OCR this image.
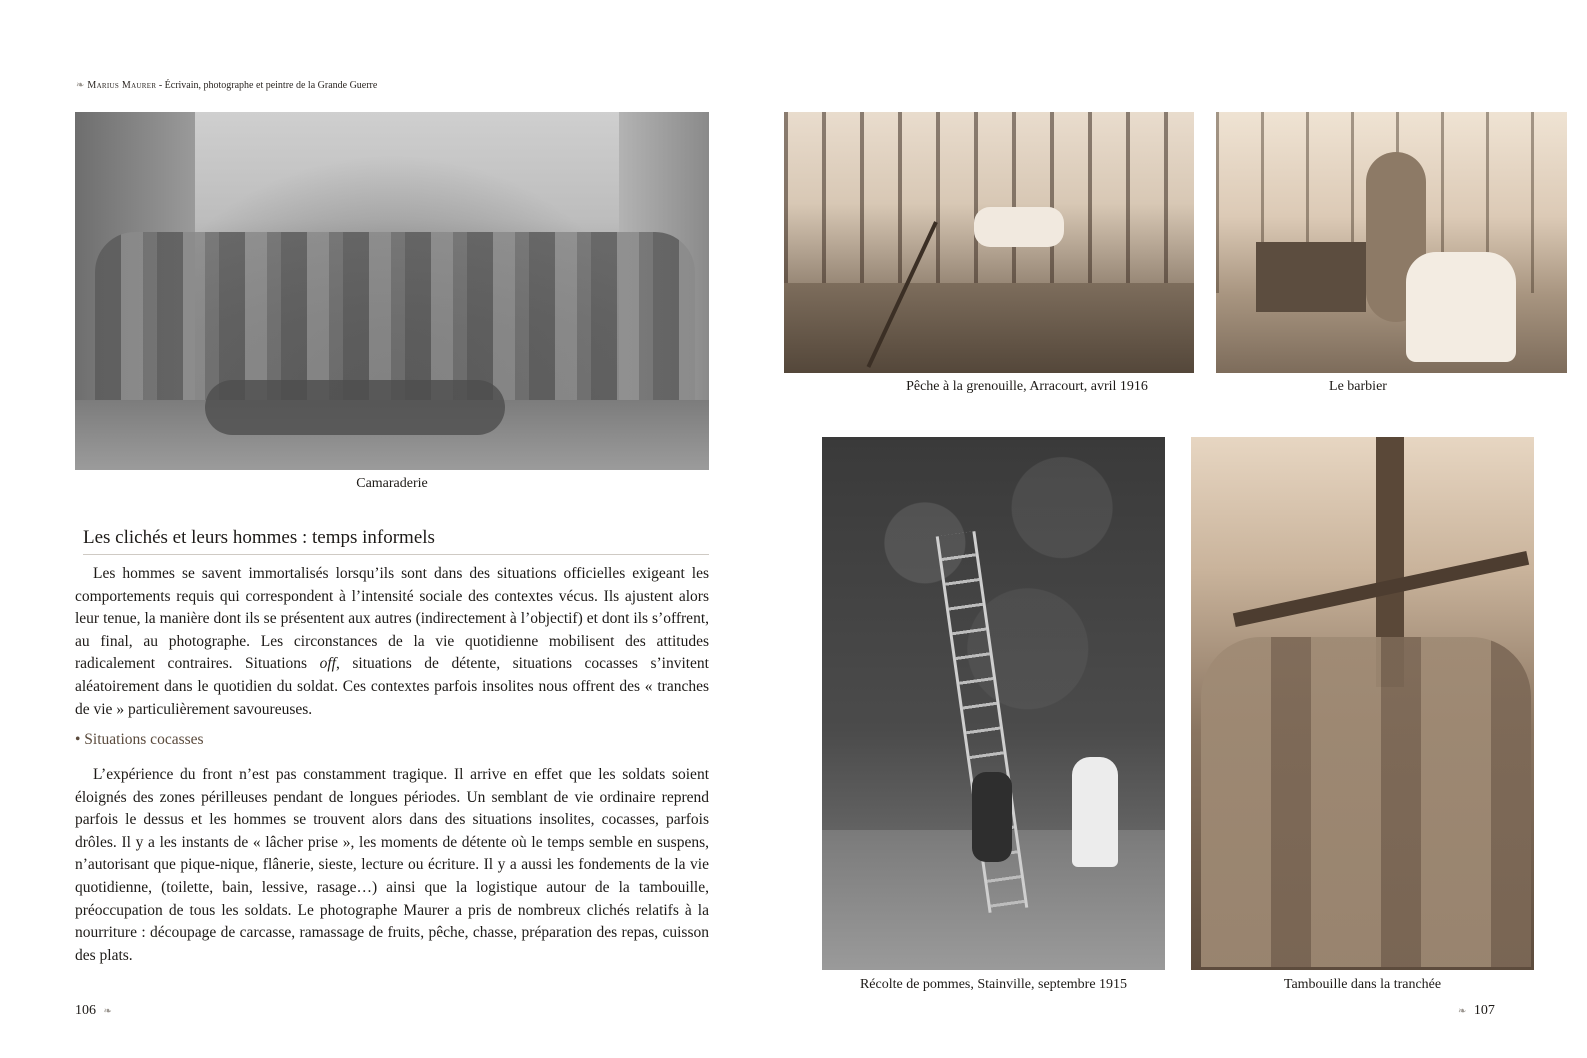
❧ Marius Maurer - Écrivain, photographe et peintre de la Grande Guerre
Camaraderie
Les clichés et leurs hommes : temps informels

Les hommes se savent immortalisés lorsqu’ils sont dans des situations officielles exigeant les comportements requis qui correspondent à l’intensité sociale des contextes vécus. Ils ajustent alors leur tenue, la manière dont ils se présentent aux autres (indirectement à l’objectif) et dont ils s’offrent, au final, au photographe. Les circonstances de la vie quotidienne mobilisent des attitudes radicalement contraires. Situations off, situations de détente, situations cocasses s’invitent aléatoirement dans le quotidien du soldat. Ces contextes parfois insolites nous offrent des « tranches de vie » particulièrement savoureuses.

• Situations cocasses

L’expérience du front n’est pas constamment tragique. Il arrive en effet que les soldats soient éloignés des zones périlleuses pendant de longues périodes. Un semblant de vie ordinaire reprend parfois le dessus et les hommes se trouvent alors dans des situations insolites, cocasses, parfois drôles. Il y a les instants de « lâcher prise », les moments de détente où le temps semble en suspens, n’autorisant que pique-nique, flânerie, sieste, lecture ou écriture. Il y a aussi les fondements de la vie quotidienne, (toilette, bain, lessive, rasage…) ainsi que la logistique autour de la tambouille, préoccupation de tous les soldats. Le photographe Maurer a pris de nombreux clichés relatifs à la nourriture : découpage de carcasse, ramassage de fruits, pêche, chasse, préparation des repas, cuisson des plats.

106 ❧
Pêche à la grenouille, Arracourt, avril 1916	Le barbier
Récolte de pommes, Stainville, septembre 1915	Tambouille dans la tranchée
❧ 107
